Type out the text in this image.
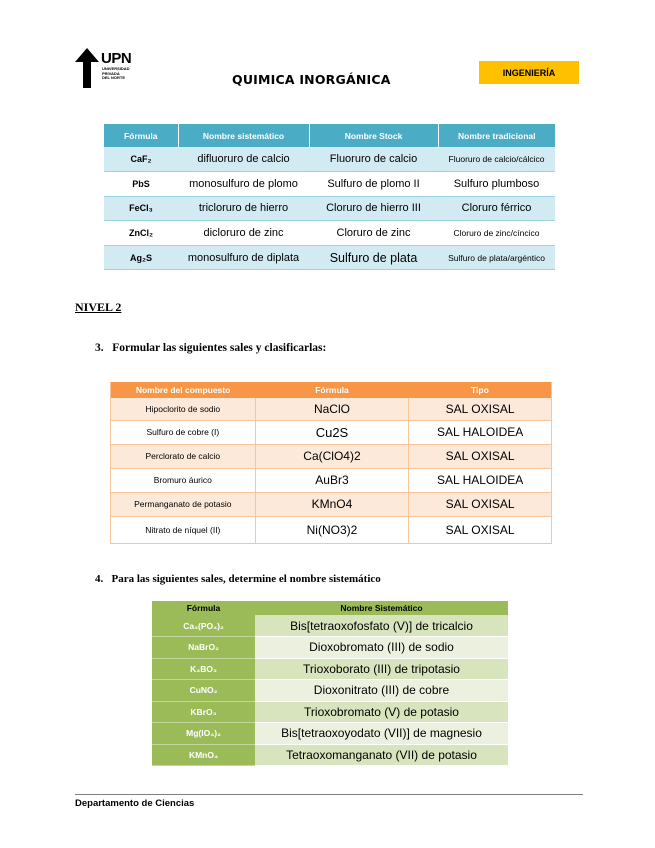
UPN
UNIVERSIDAD
PRIVADA
DEL NORTE	QUIMICA INORGÁNICA	INGENIERÍA
Fórmula	Nombre sistemático	Nombre Stock	Nombre tradicional
CaF₂	difluoruro de calcio	Fluoruro de calcio	Fluoruro de calcio/cálcico
PbS	monosulfuro de plomo	Sulfuro de plomo II	Sulfuro plumboso
FeCl₃	tricloruro de hierro	Cloruro de hierro III	Cloruro férrico
ZnCl₂	dicloruro de zinc	Cloruro de zinc	Cloruro de zinc/cíncico
Ag₂S	monosulfuro de diplata	Sulfuro de plata	Sulfuro de plata/argéntico
NIVEL 2
3.   Formular las siguientes sales y clasificarlas:
Nombre del compuesto	Fórmula	Tipo
Hipoclorito de sodio	NaClO	SAL OXISAL
Sulfuro de cobre (I)	Cu2S	SAL HALOIDEA
Perclorato de calcio	Ca(ClO4)2	SAL OXISAL
Bromuro áurico	AuBr3	SAL HALOIDEA
Permanganato de potasio	KMnO4	SAL OXISAL
Nitrato de níquel (II)	Ni(NO3)2	SAL OXISAL
4.   Para las siguientes sales, determine el nombre sistemático
Fórmula	Nombre Sistemático
Ca₃(PO₄)₂	Bis[tetraoxofosfato (V)] de tricalcio
NaBrO₂	Dioxobromato (III) de sodio
K₃BO₃	Trioxoborato (III) de tripotasio
CuNO₂	Dioxonitrato (III) de cobre
KBrO₃	Trioxobromato (V) de potasio
Mg(IO₄)₂	Bis[tetraoxoyodato (VII)] de magnesio
KMnO₄	Tetraoxomanganato (VII) de potasio
Departamento de Ciencias
